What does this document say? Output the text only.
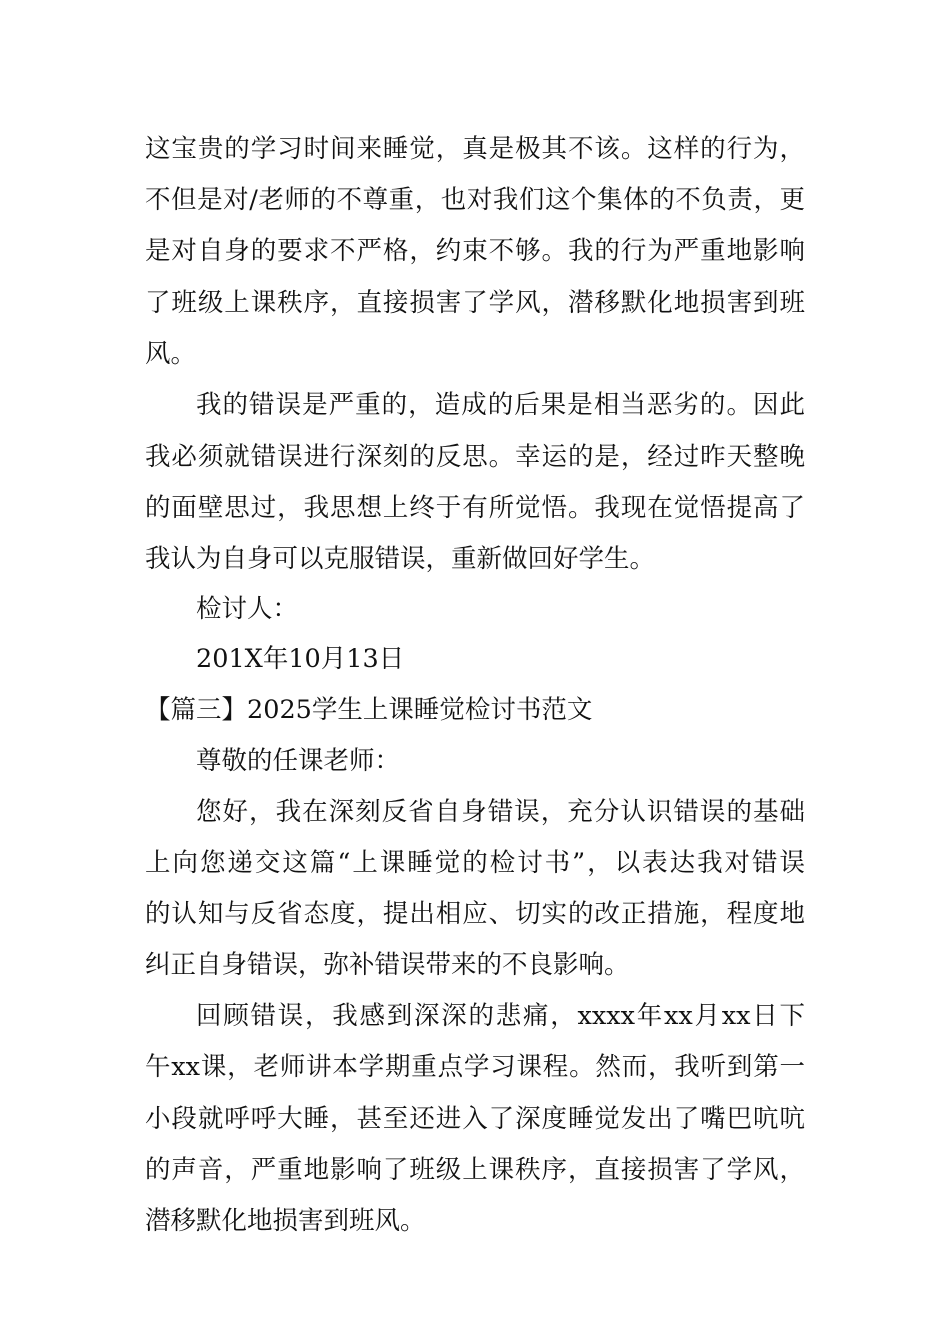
这宝贵的学习时间来睡觉，真是极其不该。这样的行为，
不但是对/老师的不尊重，也对我们这个集体的不负责，更
是对自身的要求不严格，约束不够。我的行为严重地影响
了班级上课秩序，直接损害了学风，潜移默化地损害到班
风。
我的错误是严重的，造成的后果是相当恶劣的。因此
我必须就错误进行深刻的反思。幸运的是，经过昨天整晚
的面壁思过，我思想上终于有所觉悟。我现在觉悟提高了
我认为自身可以克服错误，重新做回好学生。
检讨人：
201X年10月13日
【篇三】2025学生上课睡觉检讨书范文
尊敬的任课老师：
您好，我在深刻反省自身错误，充分认识错误的基础
上向您递交这篇“上课睡觉的检讨书”，以表达我对错误
的认知与反省态度，提出相应、切实的改正措施，程度地
纠正自身错误，弥补错误带来的不良影响。
回顾错误，我感到深深的悲痛，xxxx年xx月xx日下
午xx课，老师讲本学期重点学习课程。然而，我听到第一
小段就呼呼大睡，甚至还进入了深度睡觉发出了嘴巴吭吭
的声音，严重地影响了班级上课秩序，直接损害了学风，
潜移默化地损害到班风。
